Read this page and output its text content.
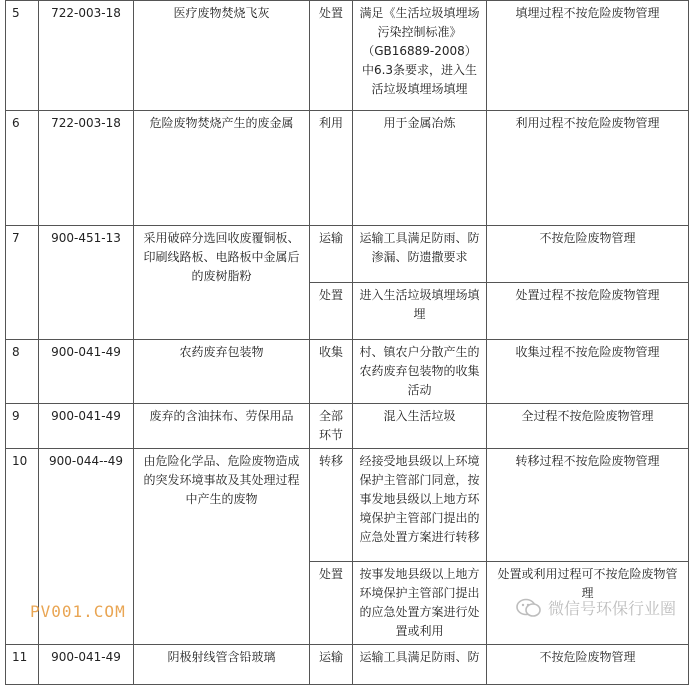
5	722-003-18	医疗废物焚烧飞灰	处置	满足《生活垃圾填埋场污染控制标准》（GB16889-2008）中6.3条要求，进入生活垃圾填埋场填埋	填埋过程不按危险废物管理
6	722-003-18	危险废物焚烧产生的废金属	利用	用于金属冶炼	利用过程不按危险废物管理
7	900-451-13	采用破碎分选回收废覆铜板、印刷线路板、电路板中金属后的废树脂粉	运输	运输工具满足防雨、防渗漏、防遗撒要求	不按危险废物管理
			处置	进入生活垃圾填埋场填埋	处置过程不按危险废物管理
8	900-041-49	农药废弃包装物	收集	村、镇农户分散产生的农药废弃包装物的收集活动	收集过程不按危险废物管理
9	900-041-49	废弃的含油抹布、劳保用品	全部环节	混入生活垃圾	全过程不按危险废物管理
10	900-044--49	由危险化学品、危险废物造成的突发环境事故及其处理过程中产生的废物	转移	经接受地县级以上环境保护主管部门同意，按事发地县级以上地方环境保护主管部门提出的应急处置方案进行转移	转移过程不按危险废物管理
			处置	按事发地县级以上地方环境保护主管部门提出的应急处置方案进行处置或利用	处置或利用过程可不按危险废物管理
11	900-041-49	阴极射线管含铅玻璃	运输	运输工具满足防雨、防	不按危险废物管理
PV001.COM	微信号环保行业圈
